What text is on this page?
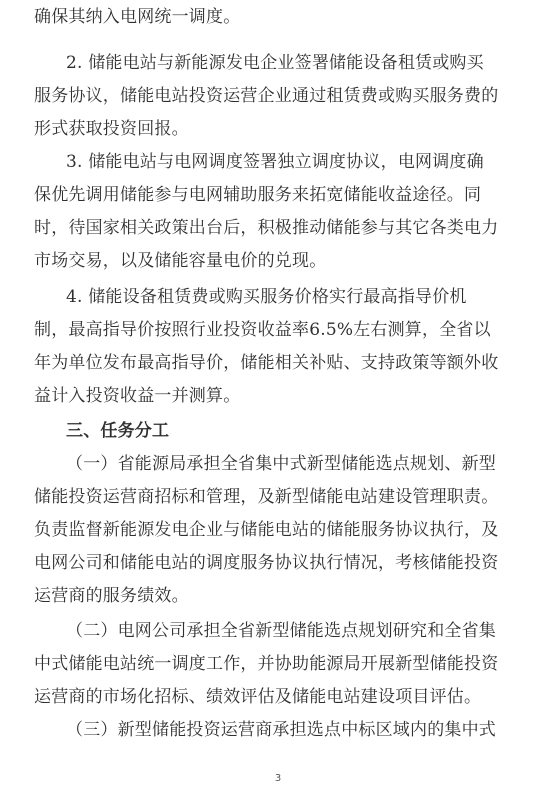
确保其纳入电网统一调度。
2. 储能电站与新能源发电企业签署储能设备租赁或购买
服务协议，储能电站投资运营企业通过租赁费或购买服务费的
形式获取投资回报。
3. 储能电站与电网调度签署独立调度协议，电网调度确
保优先调用储能参与电网辅助服务来拓宽储能收益途径。同
时，待国家相关政策出台后，积极推动储能参与其它各类电力
市场交易，以及储能容量电价的兑现。
4. 储能设备租赁费或购买服务价格实行最高指导价机
制，最高指导价按照行业投资收益率6.5%左右测算，全省以
年为单位发布最高指导价，储能相关补贴、支持政策等额外收
益计入投资收益一并测算。
三、任务分工
（一）省能源局承担全省集中式新型储能选点规划、新型
储能投资运营商招标和管理，及新型储能电站建设管理职责。
负责监督新能源发电企业与储能电站的储能服务协议执行，及
电网公司和储能电站的调度服务协议执行情况，考核储能投资
运营商的服务绩效。
（二）电网公司承担全省新型储能选点规划研究和全省集
中式储能电站统一调度工作，并协助能源局开展新型储能投资
运营商的市场化招标、绩效评估及储能电站建设项目评估。
（三）新型储能投资运营商承担选点中标区域内的集中式
3
